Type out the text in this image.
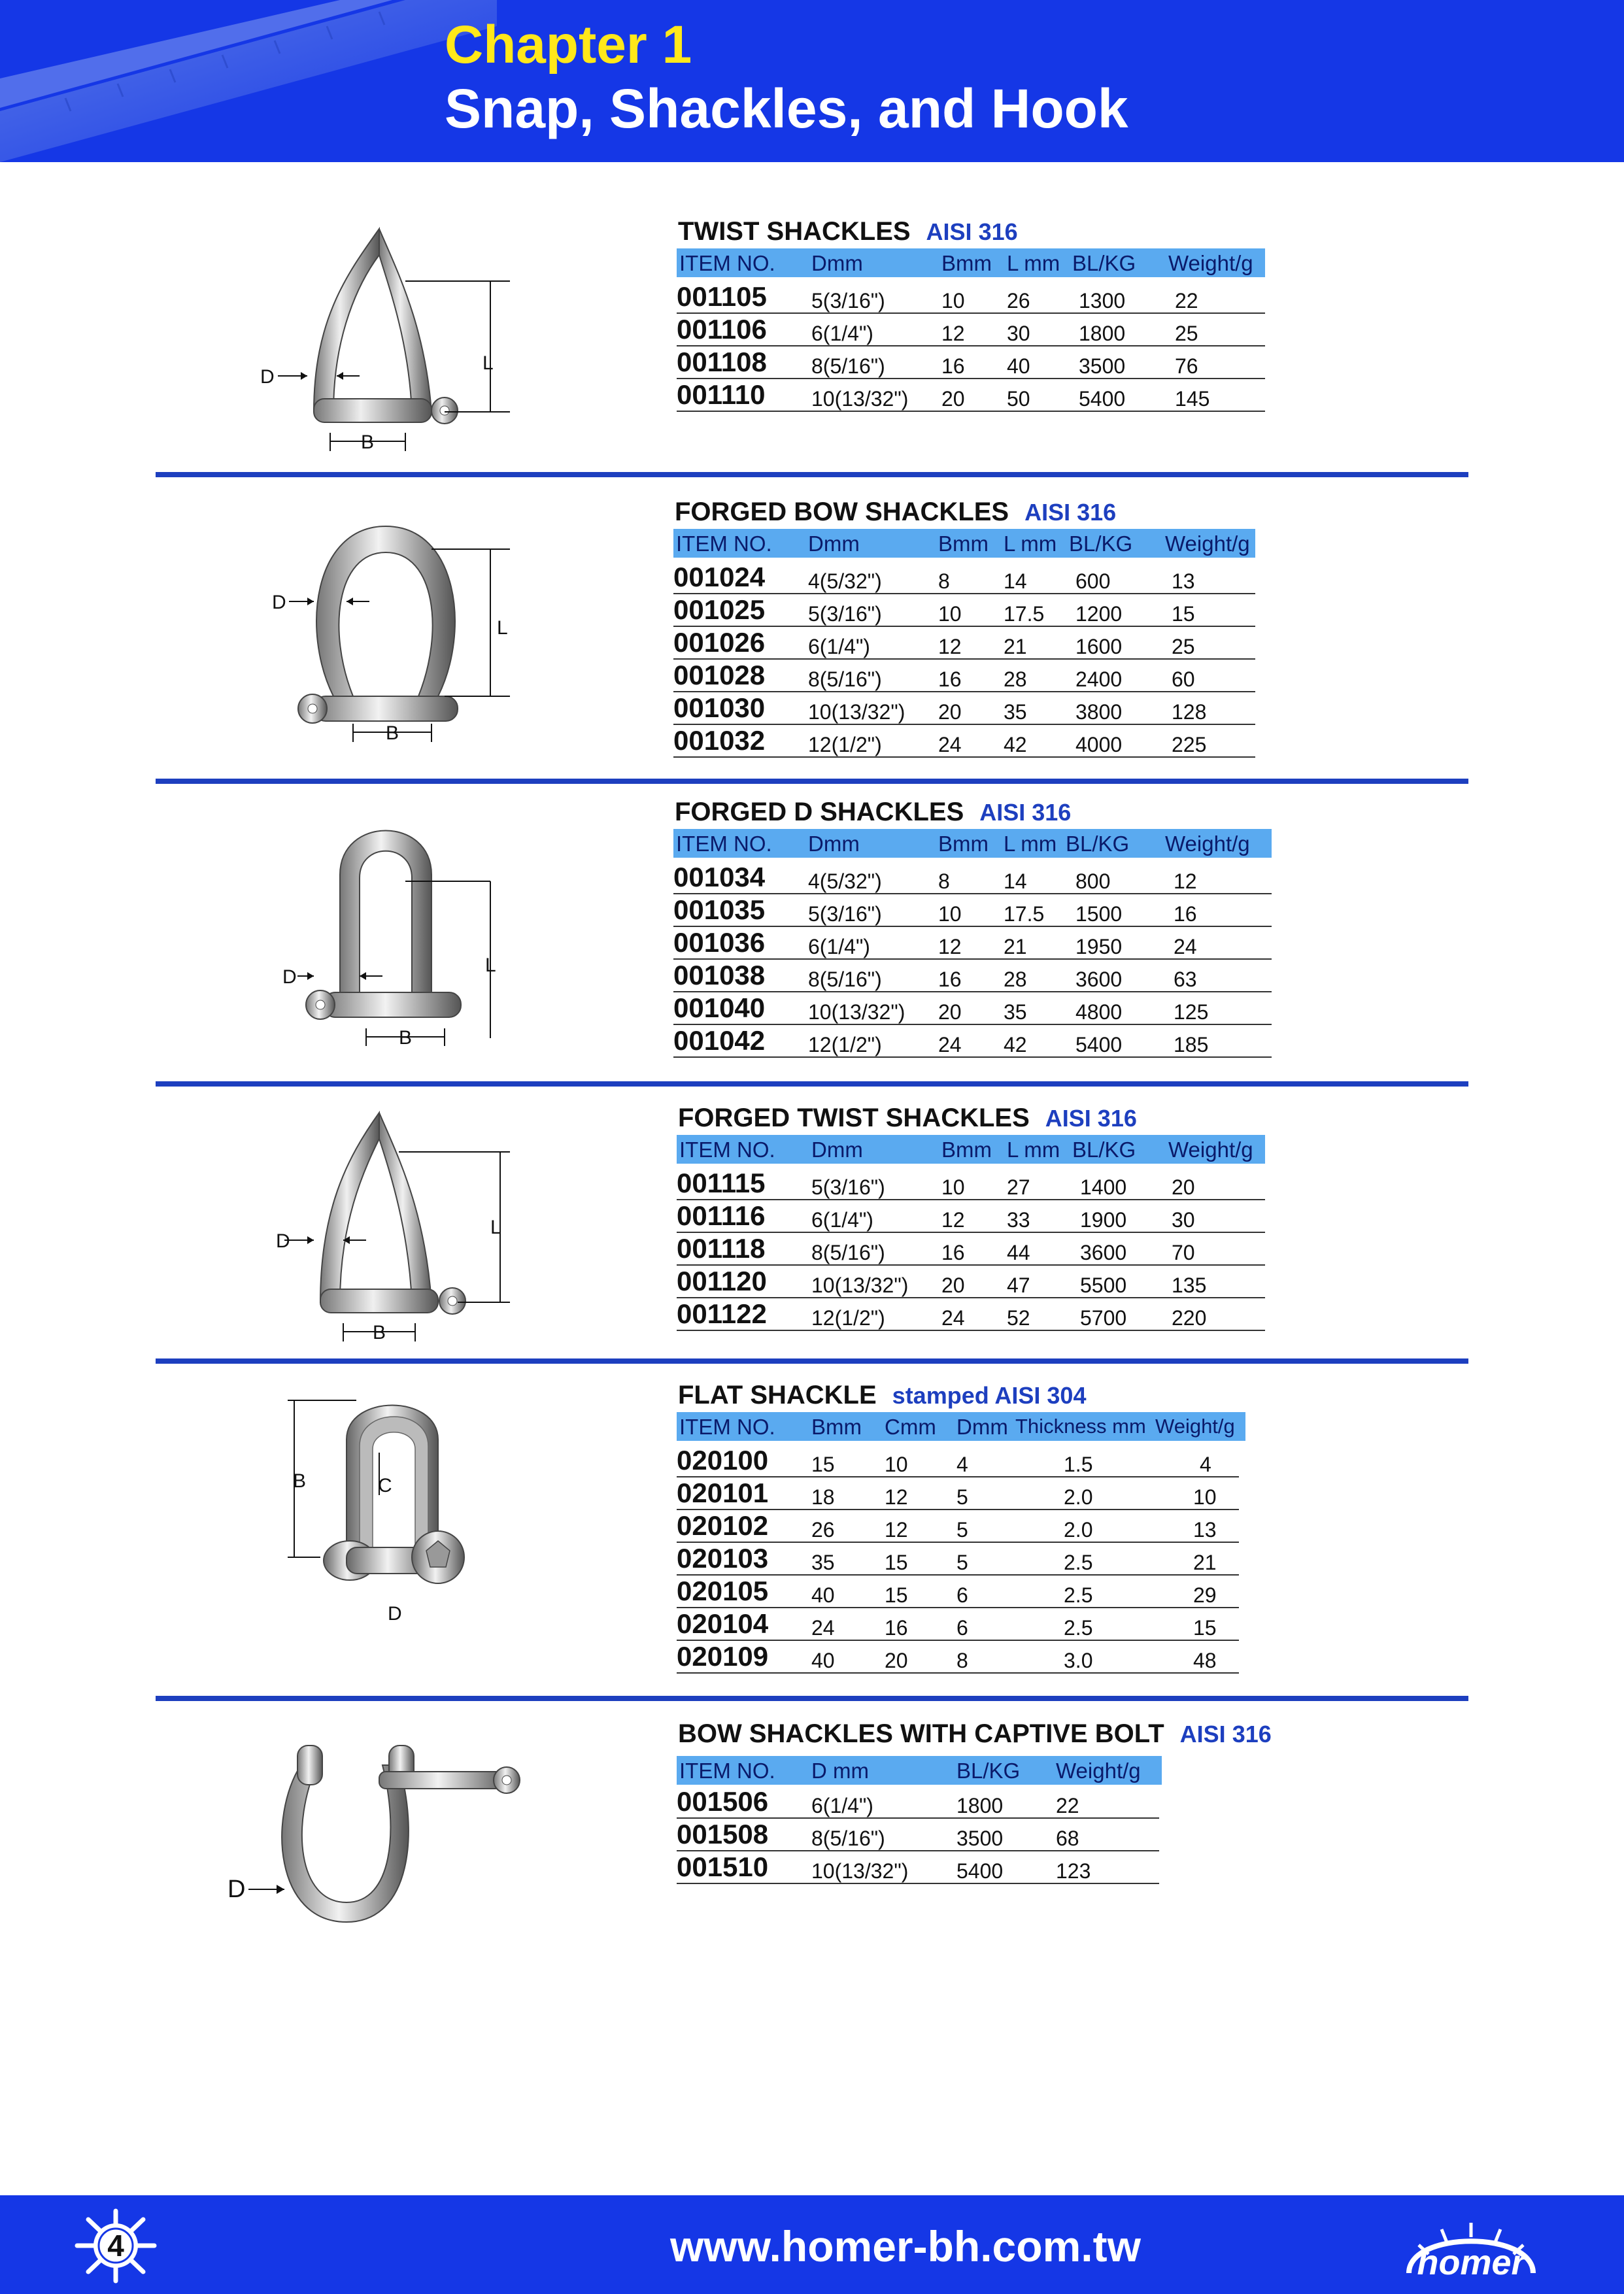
Chapter 1
Snap, Shackles, and Hook
L
D
B
TWIST SHACKLES AISI 316
ITEM NO. Dmm	Bmm L mm BL/KG Weight/g
001105 5(3/16")	10 26 1300 22
001106 6(1/4")	12 30 1800 25
001108 8(5/16")	16 40 3500 76
001110 10(13/32") 20 50 5400 145
L
D
B
FORGED BOW SHACKLES AISI 316
ITEM NO. Dmm	Bmm L mm BL/KG Weight/g
001024 4(5/32")	8	14 600	13
001025 5(3/16")	10 17.5 1200 15
001026 6(1/4")	12 21 1600 25
001028 8(5/16")	16 28 2400 60
001030 10(13/32") 20 35 3800 128
001032 12(1/2")	24 42 4000 225
L
D
B
FORGED D SHACKLES AISI 316
ITEM NO. Dmm	Bmm L mm BL/KG Weight/g
001034 4(5/32")	8	14 800	12
001035 5(3/16")	10 17.5 1500 16
001036 6(1/4")	12 21 1950 24
001038 8(5/16")	16 28 3600 63
001040 10(13/32") 20 35 4800 125
001042 12(1/2")	24 42 5400 185
L
D
B
FORGED TWIST SHACKLES AISI 316
ITEM NO. Dmm	Bmm L mm BL/KG Weight/g
001115 5(3/16")	10 27 1400 20
001116 6(1/4")	12 33 1900 30
001118 8(5/16")	16 44 3600 70
001120 10(13/32") 20 47 5500 135
001122 12(1/2")	24 52 5700 220
B	C
D
FLAT SHACKLE stamped AISI 304
ITEM NO. Bmm Cmm Dmm Thickness mm Weight/g
020100 15 10 4	1.5	4
020101 18 12 5	2.0	10
020102 26 12 5	2.0	13
020103 35 15 5	2.5	21
020105 40 15 6	2.5	29
020104 24 16 6	2.5	15
020109 40 20 8	3.0	48
D
BOW SHACKLES WITH CAPTIVE BOLT AISI 316
ITEM NO. D mm	BL/KG Weight/g
001506 6(1/4")	1800	22
001508 8(5/16")	3500	68
001510 10(13/32") 5400	123
4	www.homer-bh.com.tw	homer
